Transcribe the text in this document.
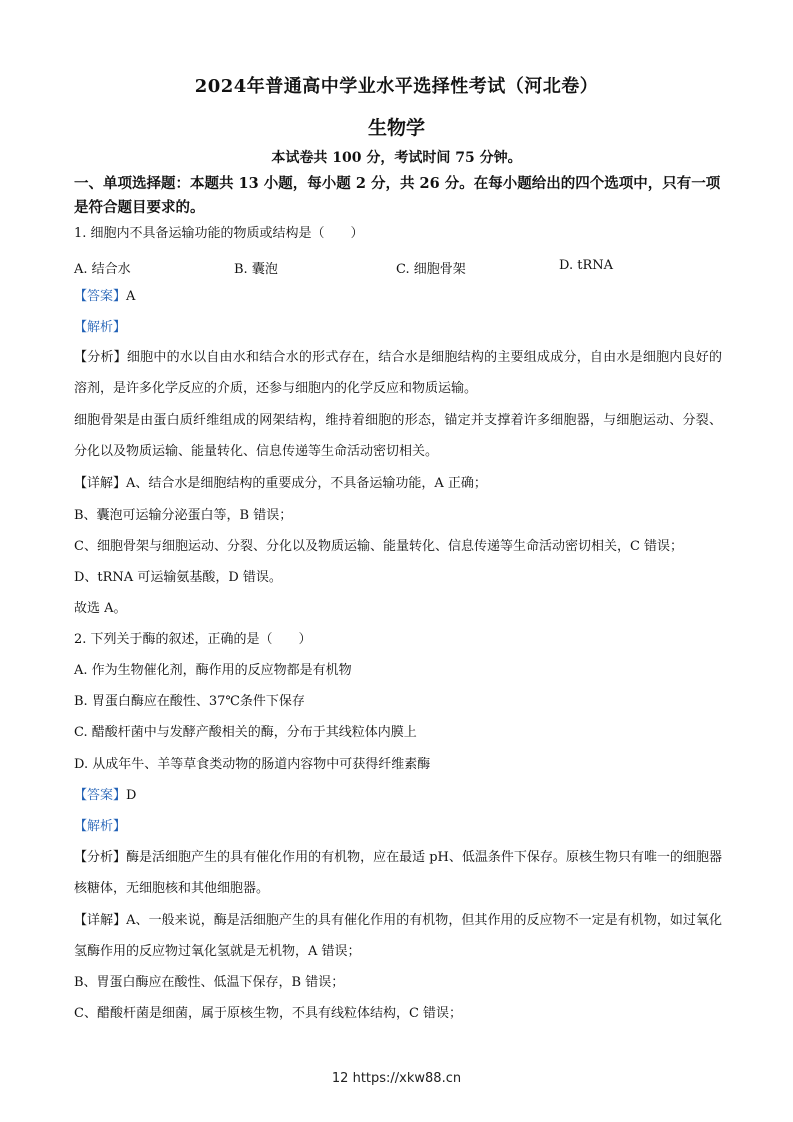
2024年普通高中学业水平选择性考试（河北卷）
生物学
本试卷共 100 分，考试时间 75 分钟。
一、单项选择题：本题共 13 小题，每小题 2 分，共 26 分。在每小题给出的四个选项中，只有一项是符合题目要求的。
1. 细胞内不具备运输功能的物质或结构是（　　）
A. 结合水	B. 囊泡	C. 细胞骨架	D. tRNA
【答案】A
【解析】
【分析】细胞中的水以自由水和结合水的形式存在，结合水是细胞结构的主要组成成分，自由水是细胞内良好的溶剂，是许多化学反应的介质，还参与细胞内的化学反应和物质运输。
细胞骨架是由蛋白质纤维组成的网架结构，维持着细胞的形态，锚定并支撑着许多细胞器，与细胞运动、分裂、分化以及物质运输、能量转化、信息传递等生命活动密切相关。
【详解】A、结合水是细胞结构的重要成分，不具备运输功能，A 正确；
B、囊泡可运输分泌蛋白等，B 错误；
C、细胞骨架与细胞运动、分裂、分化以及物质运输、能量转化、信息传递等生命活动密切相关，C 错误；
D、tRNA 可运输氨基酸，D 错误。
故选 A。
2. 下列关于酶的叙述，正确的是（　　）
A. 作为生物催化剂，酶作用的反应物都是有机物
B. 胃蛋白酶应在酸性、37℃条件下保存
C. 醋酸杆菌中与发酵产酸相关的酶，分布于其线粒体内膜上
D. 从成年牛、羊等草食类动物的肠道内容物中可获得纤维素酶
【答案】D
【解析】
【分析】酶是活细胞产生的具有催化作用的有机物，应在最适 pH、低温条件下保存。原核生物只有唯一的细胞器核糖体，无细胞核和其他细胞器。
【详解】A、一般来说，酶是活细胞产生的具有催化作用的有机物，但其作用的反应物不一定是有机物，如过氧化氢酶作用的反应物过氧化氢就是无机物，A 错误；
B、胃蛋白酶应在酸性、低温下保存，B 错误；
C、醋酸杆菌是细菌，属于原核生物，不具有线粒体结构，C 错误；
12 https://xkw88.cn
